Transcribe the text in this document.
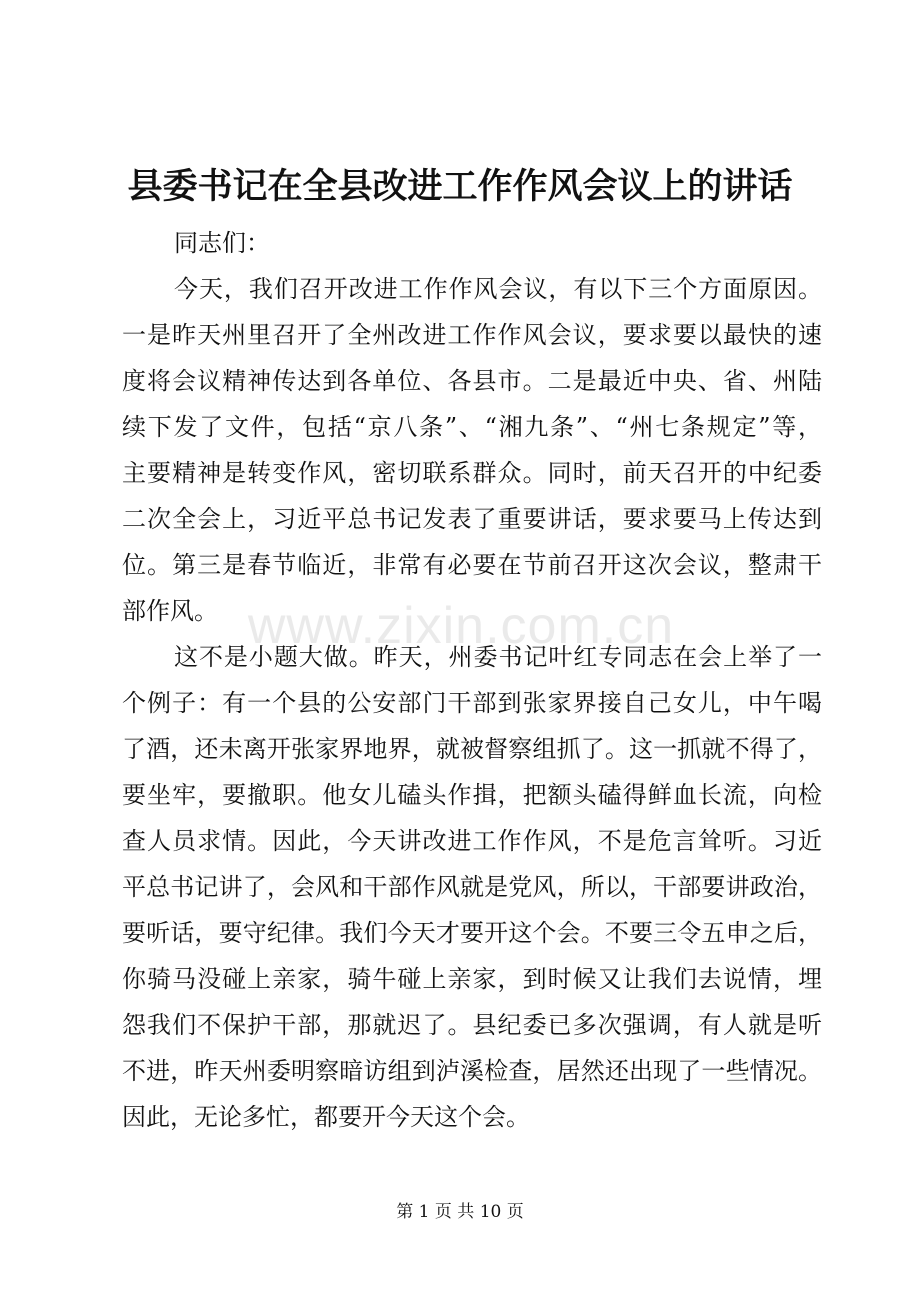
www.zixin.com.cn
县委书记在全县改进工作作风会议上的讲话
同志们：
今天，我们召开改进工作作风会议，有以下三个方面原因。
一是昨天州里召开了全州改进工作作风会议，要求要以最快的速
度将会议精神传达到各单位、各县市。二是最近中央、省、州陆
续下发了文件，包括“京八条”、“湘九条”、“州七条规定”等，
主要精神是转变作风，密切联系群众。同时，前天召开的中纪委
二次全会上，习近平总书记发表了重要讲话，要求要马上传达到
位。第三是春节临近，非常有必要在节前召开这次会议，整肃干
部作风。
这不是小题大做。昨天，州委书记叶红专同志在会上举了一
个例子：有一个县的公安部门干部到张家界接自己女儿，中午喝
了酒，还未离开张家界地界，就被督察组抓了。这一抓就不得了，
要坐牢，要撤职。他女儿磕头作揖，把额头磕得鲜血长流，向检
查人员求情。因此，今天讲改进工作作风，不是危言耸听。习近
平总书记讲了，会风和干部作风就是党风，所以，干部要讲政治，
要听话，要守纪律。我们今天才要开这个会。不要三令五申之后，
你骑马没碰上亲家，骑牛碰上亲家，到时候又让我们去说情，埋
怨我们不保护干部，那就迟了。县纪委已多次强调，有人就是听
不进，昨天州委明察暗访组到泸溪检查，居然还出现了一些情况。
因此，无论多忙，都要开今天这个会。
第 1 页 共 10 页
